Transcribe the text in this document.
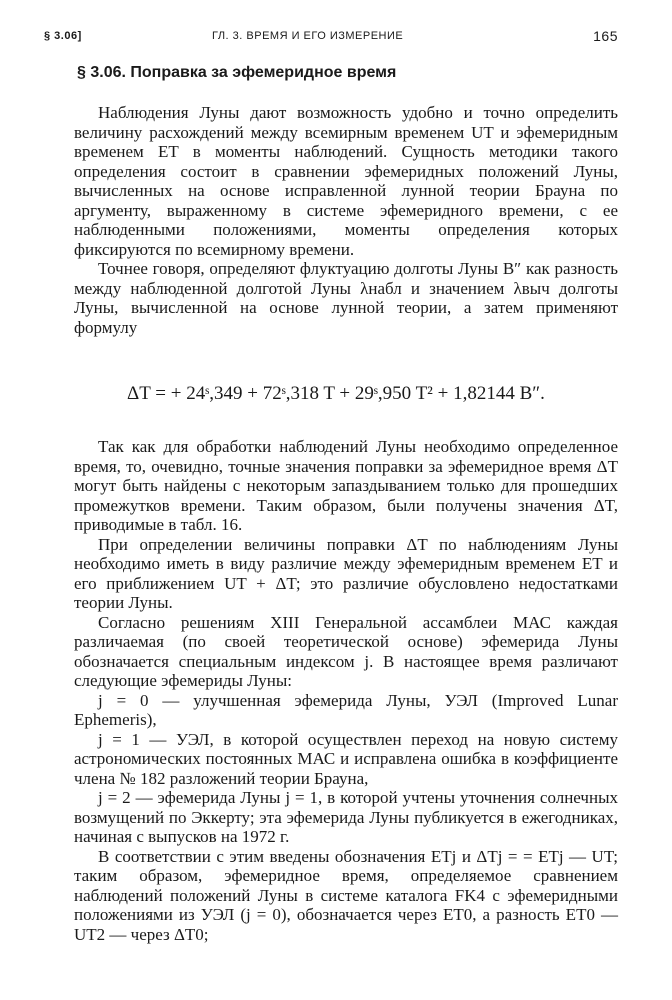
§ 3.06]	ГЛ. 3. ВРЕМЯ И ЕГО ИЗМЕРЕНИЕ	165
§ 3.06. Поправка за эфемеридное время

Наблюдения Луны дают возможность удобно и точно определить величину расхождений между всемирным временем UT и эфемеридным временем ET в моменты наблюдений. Сущность методики такого определения состоит в сравнении эфемеридных положений Луны, вычисленных на основе исправленной лунной теории Брауна по аргументу, выраженному в системе эфемеридного времени, с ее наблюденными положениями, моменты определения которых фиксируются по всемирному времени.

Точнее говоря, определяют флуктуацию долготы Луны B″ как разность между наблюденной долготой Луны λнабл и значением λвыч долготы Луны, вычисленной на основе лунной теории, а затем применяют формулу

ΔT = + 24ˢ,349 + 72ˢ,318 T + 29ˢ,950 T² + 1,82144 B″.

Так как для обработки наблюдений Луны необходимо определенное время, то, очевидно, точные значения поправки за эфемеридное время ΔT могут быть найдены с некоторым запаздыванием только для прошедших промежутков времени. Таким образом, были получены значения ΔT, приводимые в табл. 16.

При определении величины поправки ΔT по наблюдениям Луны необходимо иметь в виду различие между эфемеридным временем ET и его приближением UT + ΔT; это различие обусловлено недостатками теории Луны.

Согласно решениям XIII Генеральной ассамблеи МАС каждая различаемая (по своей теоретической основе) эфемерида Луны обозначается специальным индексом j. В настоящее время различают следующие эфемериды Луны:

j = 0 — улучшенная эфемерида Луны, УЭЛ (Improved Lunar Ephemeris),

j = 1 — УЭЛ, в которой осуществлен переход на новую систему астрономических постоянных МАС и исправлена ошибка в коэффициенте члена № 182 разложений теории Брауна,

j = 2 — эфемерида Луны j = 1, в которой учтены уточнения солнечных возмущений по Эккерту; эта эфемерида Луны публикуется в ежегодниках, начиная с выпусков на 1972 г.

В соответствии с этим введены обозначения ETj и ΔTj = = ETj — UT; таким образом, эфемеридное время, определяемое сравнением наблюдений положений Луны в системе каталога FK4 с эфемеридными положениями из УЭЛ (j = 0), обозначается через ET0, а разность ET0 — UT2 — через ΔT0;
